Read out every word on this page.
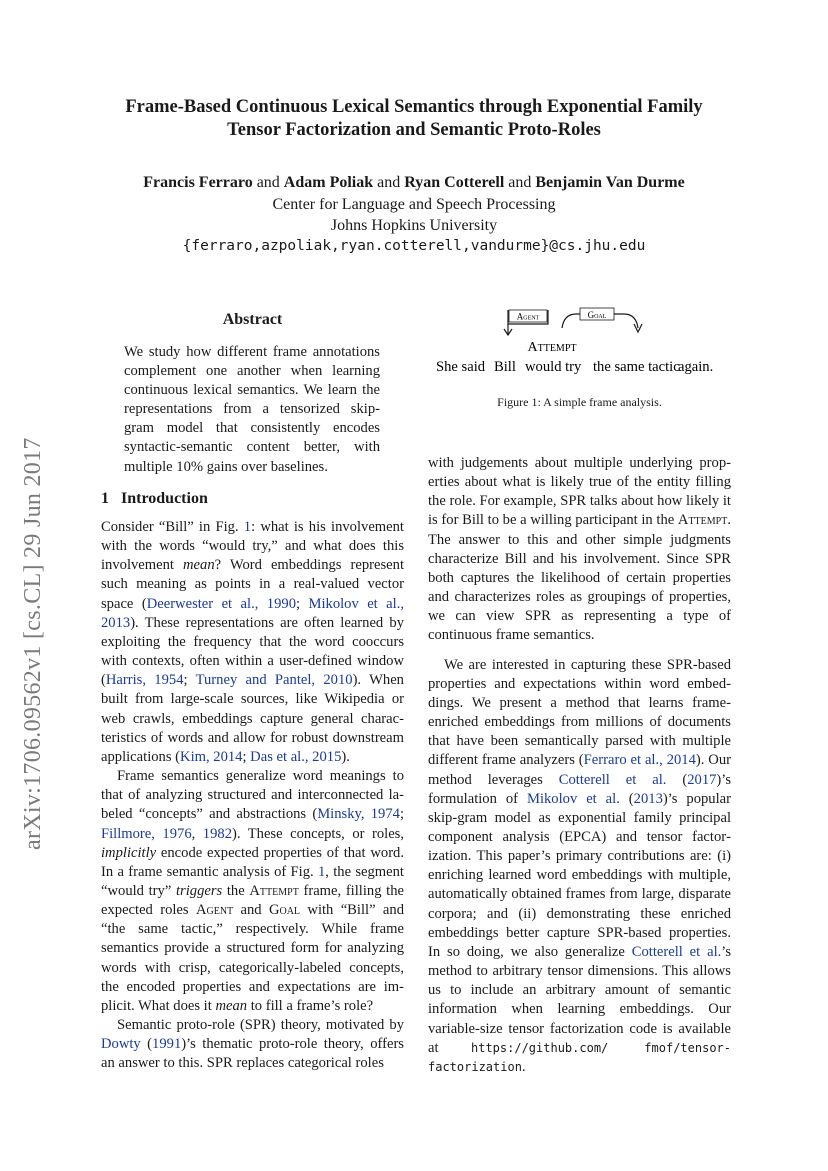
arXiv:1706.09562v1 [cs.CL] 29 Jun 2017
Frame-Based Continuous Lexical Semantics through Exponential Family
Tensor Factorization and Semantic Proto-Roles
Francis Ferraro and Adam Poliak and Ryan Cotterell and Benjamin Van Durme
Center for Language and Speech Processing
Johns Hopkins University
{ferraro,azpoliak,ryan.cotterell,vandurme}@cs.jhu.edu
Abstract
We study how different frame annotations complement one another when learning continuous lexical semantics. We learn the representations from a tensorized skip-gram model that consistently encodes syntactic-semantic content better, with multiple 10% gains over baselines.
1 Introduction

Consider “Bill” in Fig. 1: what is his involvement with the words “would try,” and what does this involvement mean? Word embeddings represent such meaning as points in a real-valued vector space (Deerwester et al., 1990; Mikolov et al., 2013). These representations are often learned by exploiting the frequency that the word cooccurs with contexts, often within a user-defined window (Harris, 1954; Turney and Pantel, 2010). When built from large-scale sources, like Wikipedia or web crawls, embeddings capture general characteristics of words and allow for robust downstream applications (Kim, 2014; Das et al., 2015).

Frame semantics generalize word meanings to that of analyzing structured and interconnected labeled “concepts” and abstractions (Minsky, 1974; Fillmore, 1976, 1982). These concepts, or roles, implicitly encode expected properties of that word. In a frame semantic analysis of Fig. 1, the segment “would try” triggers the Attempt frame, filling the expected roles Agent and Goal with “Bill” and “the same tactic,” respectively. While frame semantics provide a structured form for analyzing words with crisp, categorically-labeled concepts, the encoded properties and expectations are implicit. What does it mean to fill a frame’s role?

Semantic proto-role (SPR) theory, motivated by Dowty (1991)’s thematic proto-role theory, offers an answer to this. SPR replaces categorical roles

Agent	Goal
Attempt
She said Bill would try the same tactic
again.
Figure 1: A simple frame analysis.

with judgements about multiple underlying properties about what is likely true of the entity filling the role. For example, SPR talks about how likely it is for Bill to be a willing participant in the Attempt. The answer to this and other simple judgments characterize Bill and his involvement. Since SPR both captures the likelihood of certain properties and characterizes roles as groupings of properties, we can view SPR as representing a type of continuous frame semantics.

We are interested in capturing these SPR-based properties and expectations within word embeddings. We present a method that learns frame-enriched embeddings from millions of documents that have been semantically parsed with multiple different frame analyzers (Ferraro et al., 2014). Our method leverages Cotterell et al. (2017)’s formulation of Mikolov et al. (2013)’s popular skip-gram model as exponential family principal component analysis (EPCA) and tensor factorization. This paper’s primary contributions are: (i) enriching learned word embeddings with multiple, automatically obtained frames from large, disparate corpora; and (ii) demonstrating these enriched embeddings better capture SPR-based properties. In so doing, we also generalize Cotterell et al.’s method to arbitrary tensor dimensions. This allows us to include an arbitrary amount of semantic information when learning embeddings. Our variable-size tensor factorization code is available at https://github.com/ fmof/tensor-factorization.
